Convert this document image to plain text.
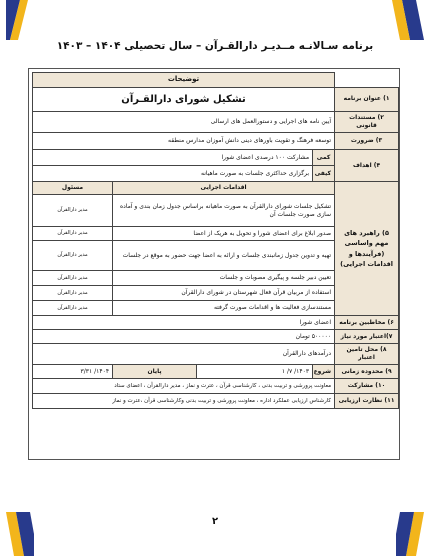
برنامه سـالانـه مــدیـر دارالقـرآن – سال تحصیلی ۱۴۰۴ – ۱۴۰۳
	توضیحات			
۱) عنوان برنامه	تشکیل شورای دارالقـرآن			
۲) مستندات قانونی	آیین نامه های اجرایی و دستورالعمل های ارسالی			
۳) ضرورت	توسعه فرهنگ و تقویت باورهای دینی دانش آموزان مدارس منطقه			
۴) اهداف	کمی	مشارکت ۱۰۰ درصدی اعضای شورا		
	کیفی	برگزاری حداکثری جلسات به صورت ماهیانه		
۵) راهبرد های مهم واساسی (فرآیندها و اقدامات اجرایی)	اقدامات اجرایی			مسئول
	تشکیل جلسات شورای دارالقرآن به صورت ماهیانه براساس جدول زمان بندی و آماده سازی صورت جلسات آن			مدیر دارالقرآن
	صدور ابلاغ برای اعضای شورا و تحویل به هریک از اعضا			مدیر دارالقرآن
	تهیه و تدوین جدول زمانبندی جلسات و ارائه به اعضا جهت حضور به موقع در جلسات			مدیر دارالقرآن
	تعیین دبیر جلسه و پیگیری مصوبات و جلسات			مدیر دارالقرآن
	استفاده از مربیان قرآن فعال شهرستان در شورای دارالقرآن			مدیر دارالقرآن
	مستندسازی فعالیت ها و اقدامات صورت گرفته			مدیر دارالقرآن
۶) مخاطبین برنامه	اعضای شورا			
۷)اعتبار مورد نیاز	۵۰۰۰۰۰ تومان			
۸) محل تامین اعتبار	درآمدهای دارالقرآن			
۹) محدوده زمانی	شروع	۱۴۰۳/ ۷/ ۱	پایان	۱۴۰۴/ ۳/۳۱
۱۰) مشارکت	معاونت پرورشی و تربیت بدنی ، کارشناسی قرآن ، عترت و نماز ، مدیر دارالقرآن ، اعضای ستاد			
۱۱) نظارت ارزیابی	کارشناس ارزیابی عملکرد اداره ، معاونت پرورشی و تربیت بدنی وکارشناسی قرآن ،عترت و نماز			
۲
